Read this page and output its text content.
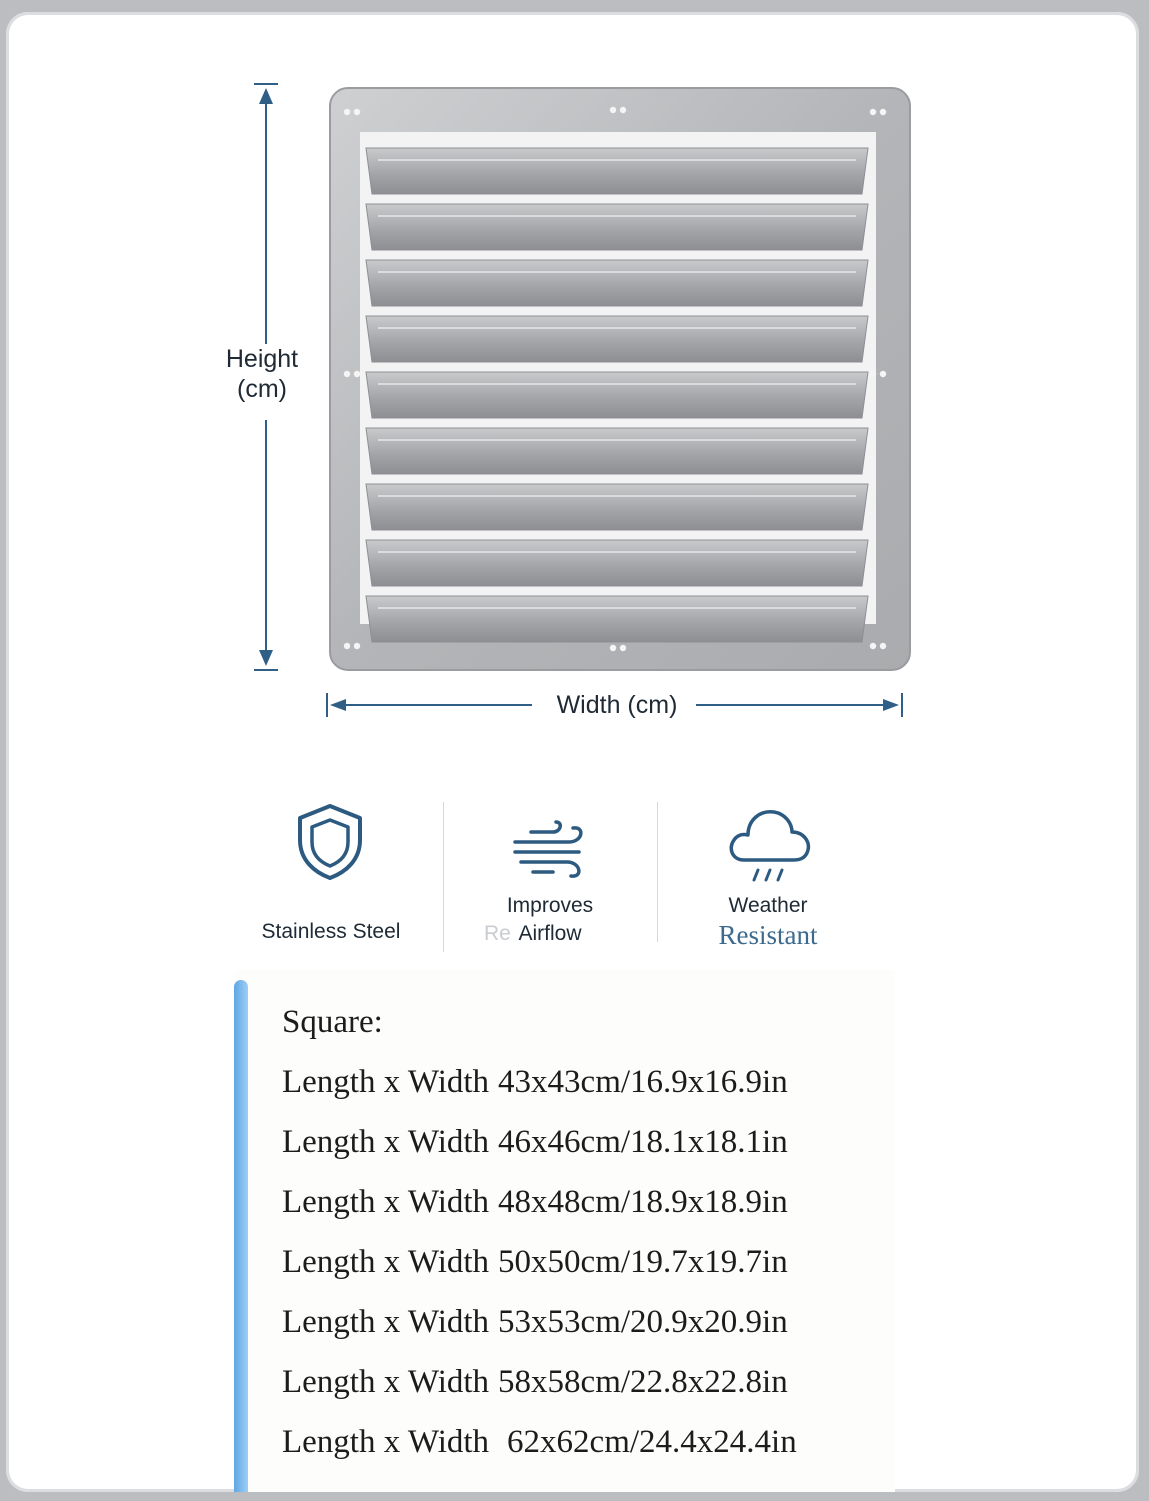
Height
(cm)
Width (cm)
Stainless Steel
Improves
Re Airflow
Weather
Resistant
Square:
Length x Width 43x43cm/16.9x16.9in
Length x Width 46x46cm/18.1x18.1in
Length x Width 48x48cm/18.9x18.9in
Length x Width 50x50cm/19.7x19.7in
Length x Width 53x53cm/20.9x20.9in
Length x Width 58x58cm/22.8x22.8in
Length x Width 62x62cm/24.4x24.4in
